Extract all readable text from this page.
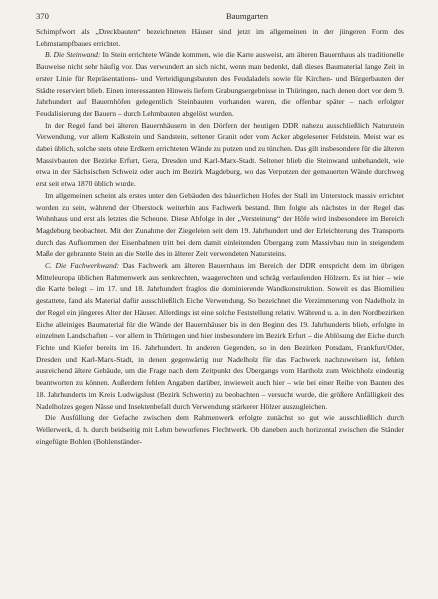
370	Baumgarten

Schimpfwort als „Dreckbauten“ bezeichneten Häuser sind jetzt im allgemeinen in der jüngeren Form des Lehmstampfbaues errichtet.

B. Die Steinwand: In Stein errichtete Wände kommen, wie die Karte ausweist, am älteren Bauernhaus als traditionelle Bauweise nicht sehr häufig vor. Das verwundert an sich nicht, wenn man bedenkt, daß dieses Baumaterial lange Zeit in erster Linie für Repräsentations- und Verteidigungsbauten des Feudaladels sowie für Kirchen- und Bürgerbauten der Städte reserviert blieb. Einen interessanten Hinweis liefern Grabungsergebnisse in Thüringen, nach denen dort vor dem 9. Jahrhundert auf Bauernhöfen gelegentlich Steinbauten vorhanden waren, die offenbar später – nach erfolgter Feudalisierung der Bauern – durch Lehmbauten abgelöst wurden.

In der Regel fand bei älteren Bauernhäusern in den Dörfern der heutigen DDR nahezu ausschließlich Naturstein Verwendung, vor allem Kalkstein und Sandstein, seltener Granit oder vom Acker abgelesener Feldstein. Meist war es dabei üblich, solche stets ohne Erdkern errichteten Wände zu putzen und zu tünchen. Das gilt insbesondere für die älteren Massivbauten der Bezirke Erfurt, Gera, Dresden und Karl-Marx-Stadt. Seltener blieb die Steinwand unbehandelt, wie etwa in der Sächsischen Schweiz oder auch im Bezirk Magdeburg, wo das Verputzen der gemauerten Wände durchweg erst seit etwa 1870 üblich wurde.

Im allgemeinen scheint als erstes unter den Gebäuden des bäuerlichen Hofes der Stall im Unterstock massiv errichtet worden zu sein, während der Oberstock weiterhin aus Fachwerk bestand. Ihm folgte als nächstes in der Regel das Wohnhaus und erst als letztes die Scheune. Diese Abfolge in der „Versteinung“ der Höfe wird insbesondere im Bereich Magdeburg beobachtet. Mit der Zunahme der Ziegeleien seit dem 19. Jahrhundert und der Erleichterung des Transports durch das Aufkommen der Eisenbahnen tritt bei dem damit einleitenden Übergang zum Massivbau nun in steigendem Maße der gebrannte Stein an die Stelle des in älterer Zeit verwendeten Natursteins.

C. Die Fachwerkwand: Das Fachwerk am älteren Bauernhaus im Bereich der DDR entspricht dem im übrigen Mitteleuropa üblichen Rahmenwerk aus senkrechten, waagerechten und schräg verlaufenden Hölzern. Es ist hier – wie die Karte belegt – im 17. und 18. Jahrhundert fraglos die dominierende Wandkonstruktion. Soweit es das Biomilieu gestattete, fand als Material dafür ausschließlich Eiche Verwendung. So bezeichnet die Verzimmerung von Nadelholz in der Regel ein jüngeres Alter der Häuser. Allerdings ist eine solche Feststellung relativ. Während u. a. in den Nordbezirken Eiche alleiniges Baumaterial für die Wände der Bauernhäuser bis in den Beginn des 19. Jahrhunderts blieb, erfolgte in einzelnen Landschaften – vor allem in Thüringen und hier insbesondere im Bezirk Erfurt – die Ablösung der Eiche durch Fichte und Kiefer bereits im 16. Jahrhundert. In anderen Gegenden, so in den Bezirken Potsdam, Frankfurt/Oder, Dresden und Karl-Marx-Stadt, in denen gegenwärtig nur Nadelholz für das Fachwerk nachzuweisen ist, fehlen ausreichend ältere Gebäude, um die Frage nach dem Zeitpunkt des Übergangs vom Hartholz zum Weichholz eindeutig beantworten zu können. Außerdem fehlen Angaben darüber, inwieweit auch hier – wie bei einer Reihe von Bauten des 18. Jahrhunderts im Kreis Ludwigslust (Bezirk Schwerin) zu beobachten – versucht wurde, die größere Anfälligkeit des Nadelholzes gegen Nässe und Insektenbefall durch Verwendung stärkerer Hölzer auszugleichen.

Die Ausfüllung der Gefache zwischen dem Rahmenwerk erfolgte zunächst so gut wie ausschließlich durch Wellerwerk, d. h. durch beidseitig mit Lehm beworfenes Flechtwerk. Ob daneben auch horizontal zwischen die Ständer eingefügte Bohlen (Bohlenständer-
